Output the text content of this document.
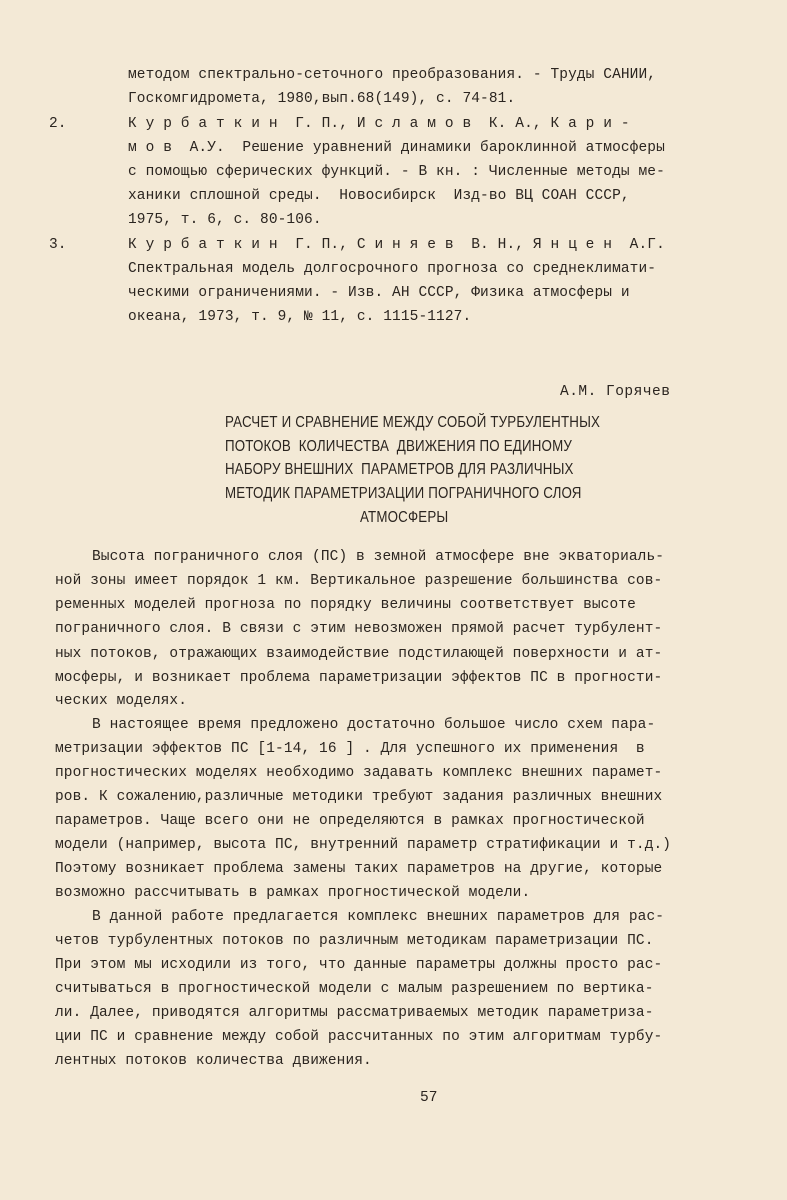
методом спектрально-сеточного преобразования. - Труды САНИИ,
Госкомгидромета, 1980,вып.68(149), с. 74-81.
2.	К у р б а т к и н  Г. П., И с л а м о в  К. А., К а р и -
м о в  А.У.  Решение уравнений динамики бароклинной атмосферы
с помощью сферических функций. - В кн. : Численные методы ме-
ханики сплошной среды.  Новосибирск  Изд-во ВЦ СОАН СССР,
1975, т. 6, с. 80-106.
3.	К у р б а т к и н  Г. П., С и н я е в  В. Н., Я н ц е н  А.Г.
Спектральная модель долгосрочного прогноза со среднеклимати-
ческими ограничениями. - Изв. АН СССР, Физика атмосферы и
океана, 1973, т. 9, № 11, с. 1115-1127.
А.М. Горячев
РАСЧЕТ И СРАВНЕНИЕ МЕЖДУ СОБОЙ ТУРБУЛЕНТНЫХ
ПОТОКОВ  КОЛИЧЕСТВА  ДВИЖЕНИЯ ПО ЕДИНОМУ
НАБОРУ ВНЕШНИХ  ПАРАМЕТРОВ ДЛЯ РАЗЛИЧНЫХ
МЕТОДИК ПАРАМЕТРИЗАЦИИ ПОГРАНИЧНОГО СЛОЯ
АТМОСФЕРЫ
Высота пограничного слоя (ПС) в земной атмосфере вне экваториаль-
ной зоны имеет порядок 1 км. Вертикальное разрешение большинства сов-
ременных моделей прогноза по порядку величины соответствует высоте
пограничного слоя. В связи с этим невозможен прямой расчет турбулент-
ных потоков, отражающих взаимодействие подстилающей поверхности и ат-
мосферы, и возникает проблема параметризации эффектов ПС в прогности-
ческих моделях.
В настоящее время предложено достаточно большое число схем пара-
метризации эффектов ПС [1-14, 16 ] . Для успешного их применения  в
прогностических моделях необходимо задавать комплекс внешних парамет-
ров. К сожалению,различные методики требуют задания различных внешних
параметров. Чаще всего они не определяются в рамках прогностической
модели (например, высота ПС, внутренний параметр стратификации и т.д.)
Поэтому возникает проблема замены таких параметров на другие, которые
возможно рассчитывать в рамках прогностической модели.
В данной работе предлагается комплекс внешних параметров для рас-
четов турбулентных потоков по различным методикам параметризации ПС.
При этом мы исходили из того, что данные параметры должны просто рас-
считываться в прогностической модели с малым разрешением по вертика-
ли. Далее, приводятся алгоритмы рассматриваемых методик параметриза-
ции ПС и сравнение между собой рассчитанных по этим алгоритмам турбу-
лентных потоков количества движения.
57
